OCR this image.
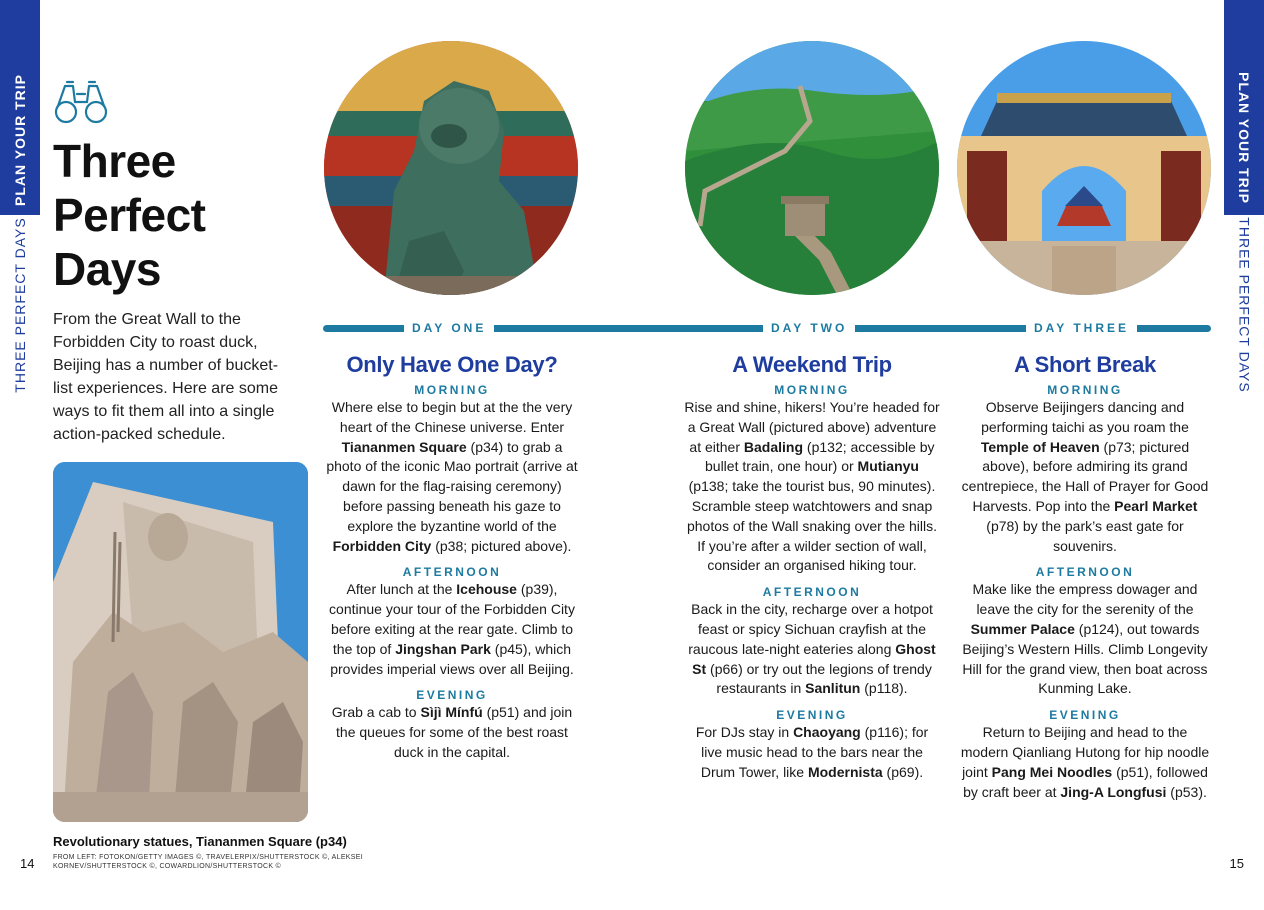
PLAN YOUR TRIP
THREE PERFECT DAYS
PLAN YOUR TRIP
THREE PERFECT DAYS
Three
Perfect
Days
From the Great Wall to the Forbidden City to roast duck, Beijing has a number of bucket-list experiences. Here are some ways to fit them all into a single action-packed schedule.
Revolutionary statues, Tiananmen Square (p34)
FROM LEFT: FOTOKON/GETTY IMAGES ©, TRAVELERPIX/SHUTTERSTOCK ©, ALEKSEI KORNEV/SHUTTERSTOCK ©, COWARDLION/SHUTTERSTOCK ©
14	15
DAY ONE	DAY TWO	DAY THREE
Only Have One Day?
MORNING

Where else to begin but at the the very heart of the Chinese universe. Enter Tiananmen Square (p34) to grab a photo of the iconic Mao portrait (arrive at dawn for the flag-raising ceremony) before passing beneath his gaze to explore the byzantine world of the Forbidden City (p38; pictured above).

AFTERNOON

After lunch at the Icehouse (p39), continue your tour of the Forbidden City before exiting at the rear gate. Climb to the top of Jingshan Park (p45), which provides imperial views over all Beijing.

EVENING

Grab a cab to Sìjì Mínfú (p51) and join the queues for some of the best roast duck in the capital.

A Weekend Trip
MORNING

Rise and shine, hikers! You’re headed for a Great Wall (pictured above) adventure at either Badaling (p132; accessible by bullet train, one hour) or Mutianyu (p138; take the tourist bus, 90 minutes). Scramble steep watchtowers and snap photos of the Wall snaking over the hills. If you’re after a wilder section of wall, consider an organised hiking tour.

AFTERNOON

Back in the city, recharge over a hotpot feast or spicy Sichuan crayfish at the raucous late-night eateries along Ghost St (p66) or try out the legions of trendy restaurants in Sanlitun (p118).

EVENING

For DJs stay in Chaoyang (p116); for live music head to the bars near the Drum Tower, like Modernista (p69).

A Short Break
MORNING

Observe Beijingers dancing and performing taichi as you roam the Temple of Heaven (p73; pictured above), before admiring its grand centrepiece, the Hall of Prayer for Good Harvests. Pop into the Pearl Market (p78) by the park’s east gate for souvenirs.

AFTERNOON

Make like the empress dowager and leave the city for the serenity of the Summer Palace (p124), out towards Beijing’s Western Hills. Climb Longevity Hill for the grand view, then boat across Kunming Lake.

EVENING

Return to Beijing and head to the modern Qianliang Hutong for hip noodle joint Pang Mei Noodles (p51), followed by craft beer at Jing-A Longfusi (p53).
